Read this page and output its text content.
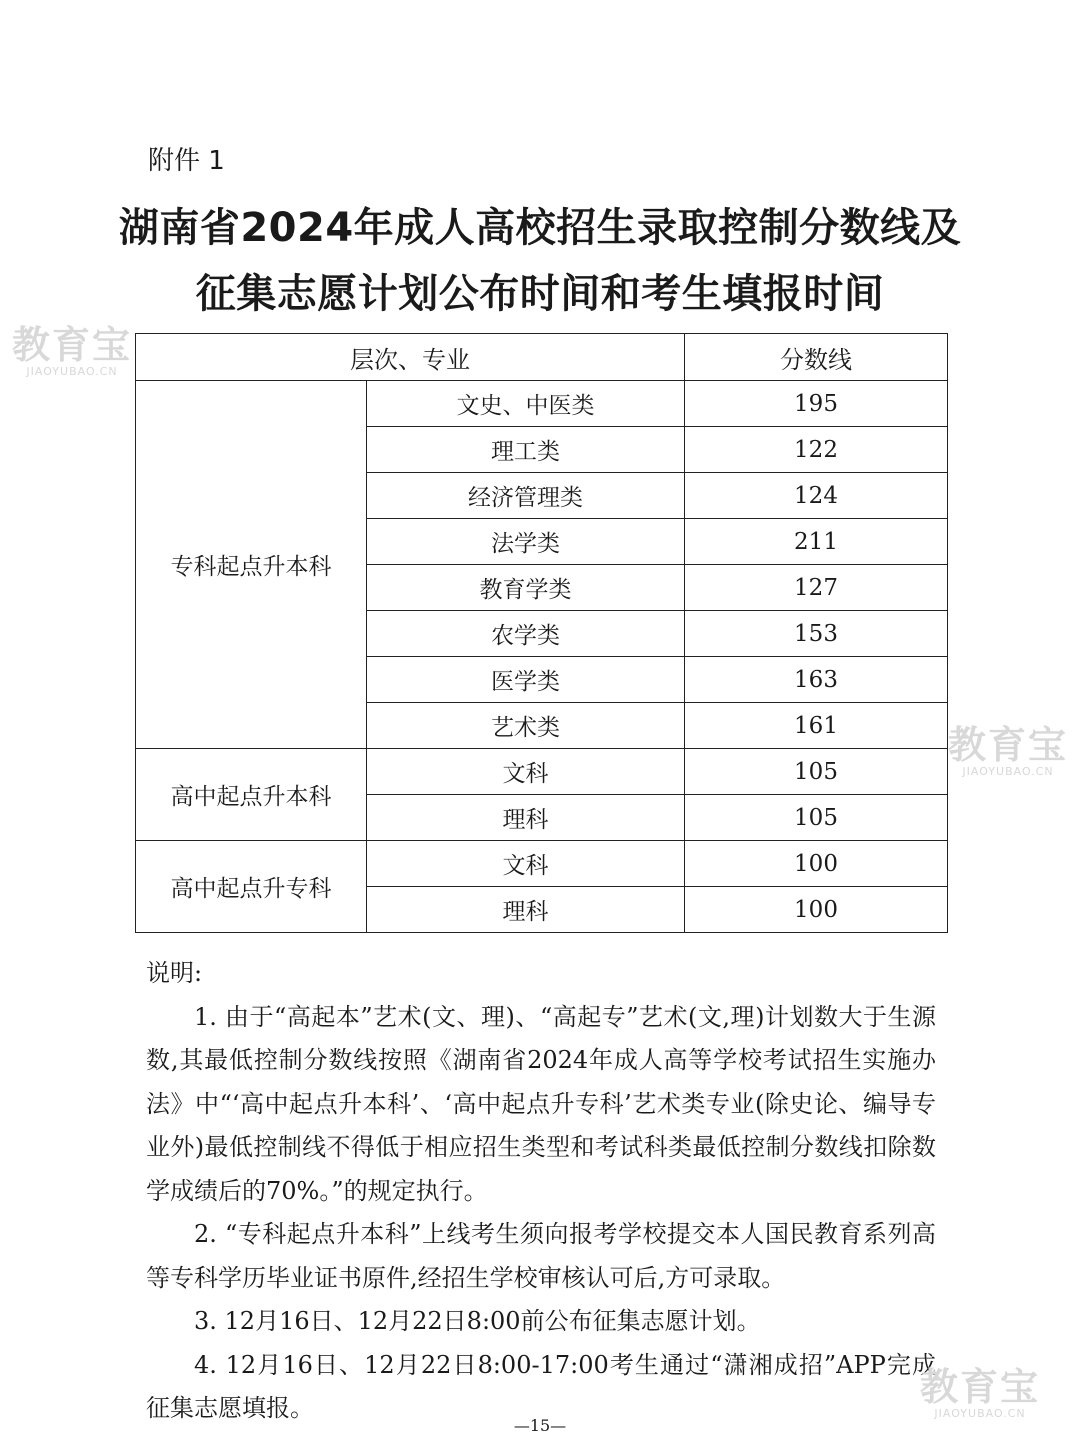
附件 1
湖南省2024年成人高校招生录取控制分数线及
征集志愿计划公布时间和考生填报时间
层次、专业		分数线
专科起点升本科	文史、中医类	195
	理工类	122
	经济管理类	124
	法学类	211
	教育学类	127
	农学类	153
	医学类	163
	艺术类	161
高中起点升本科	文科	105
	理科	105
高中起点升专科	文科	100
	理科	100
说明:
1. 由于“高起本”艺术(文、理)、“高起专”艺术(文,理)计划数大于生源数,其最低控制分数线按照《湖南省2024年成人高等学校考试招生实施办法》中“‘高中起点升本科’、‘高中起点升专科’艺术类专业(除史论、编导专业外)最低控制线不得低于相应招生类型和考试科类最低控制分数线扣除数学成绩后的70%。”的规定执行。
2. “专科起点升本科”上线考生须向报考学校提交本人国民教育系列高等专科学历毕业证书原件,经招生学校审核认可后,方可录取。
3. 12月16日、12月22日8:00前公布征集志愿计划。
4. 12月16日、12月22日8:00-17:00考生通过“潇湘成招”APP完成征集志愿填报。
—15—
教育宝
JIAOYUBAO.CN
教育宝
JIAOYUBAO.CN
教育宝
JIAOYUBAO.CN
